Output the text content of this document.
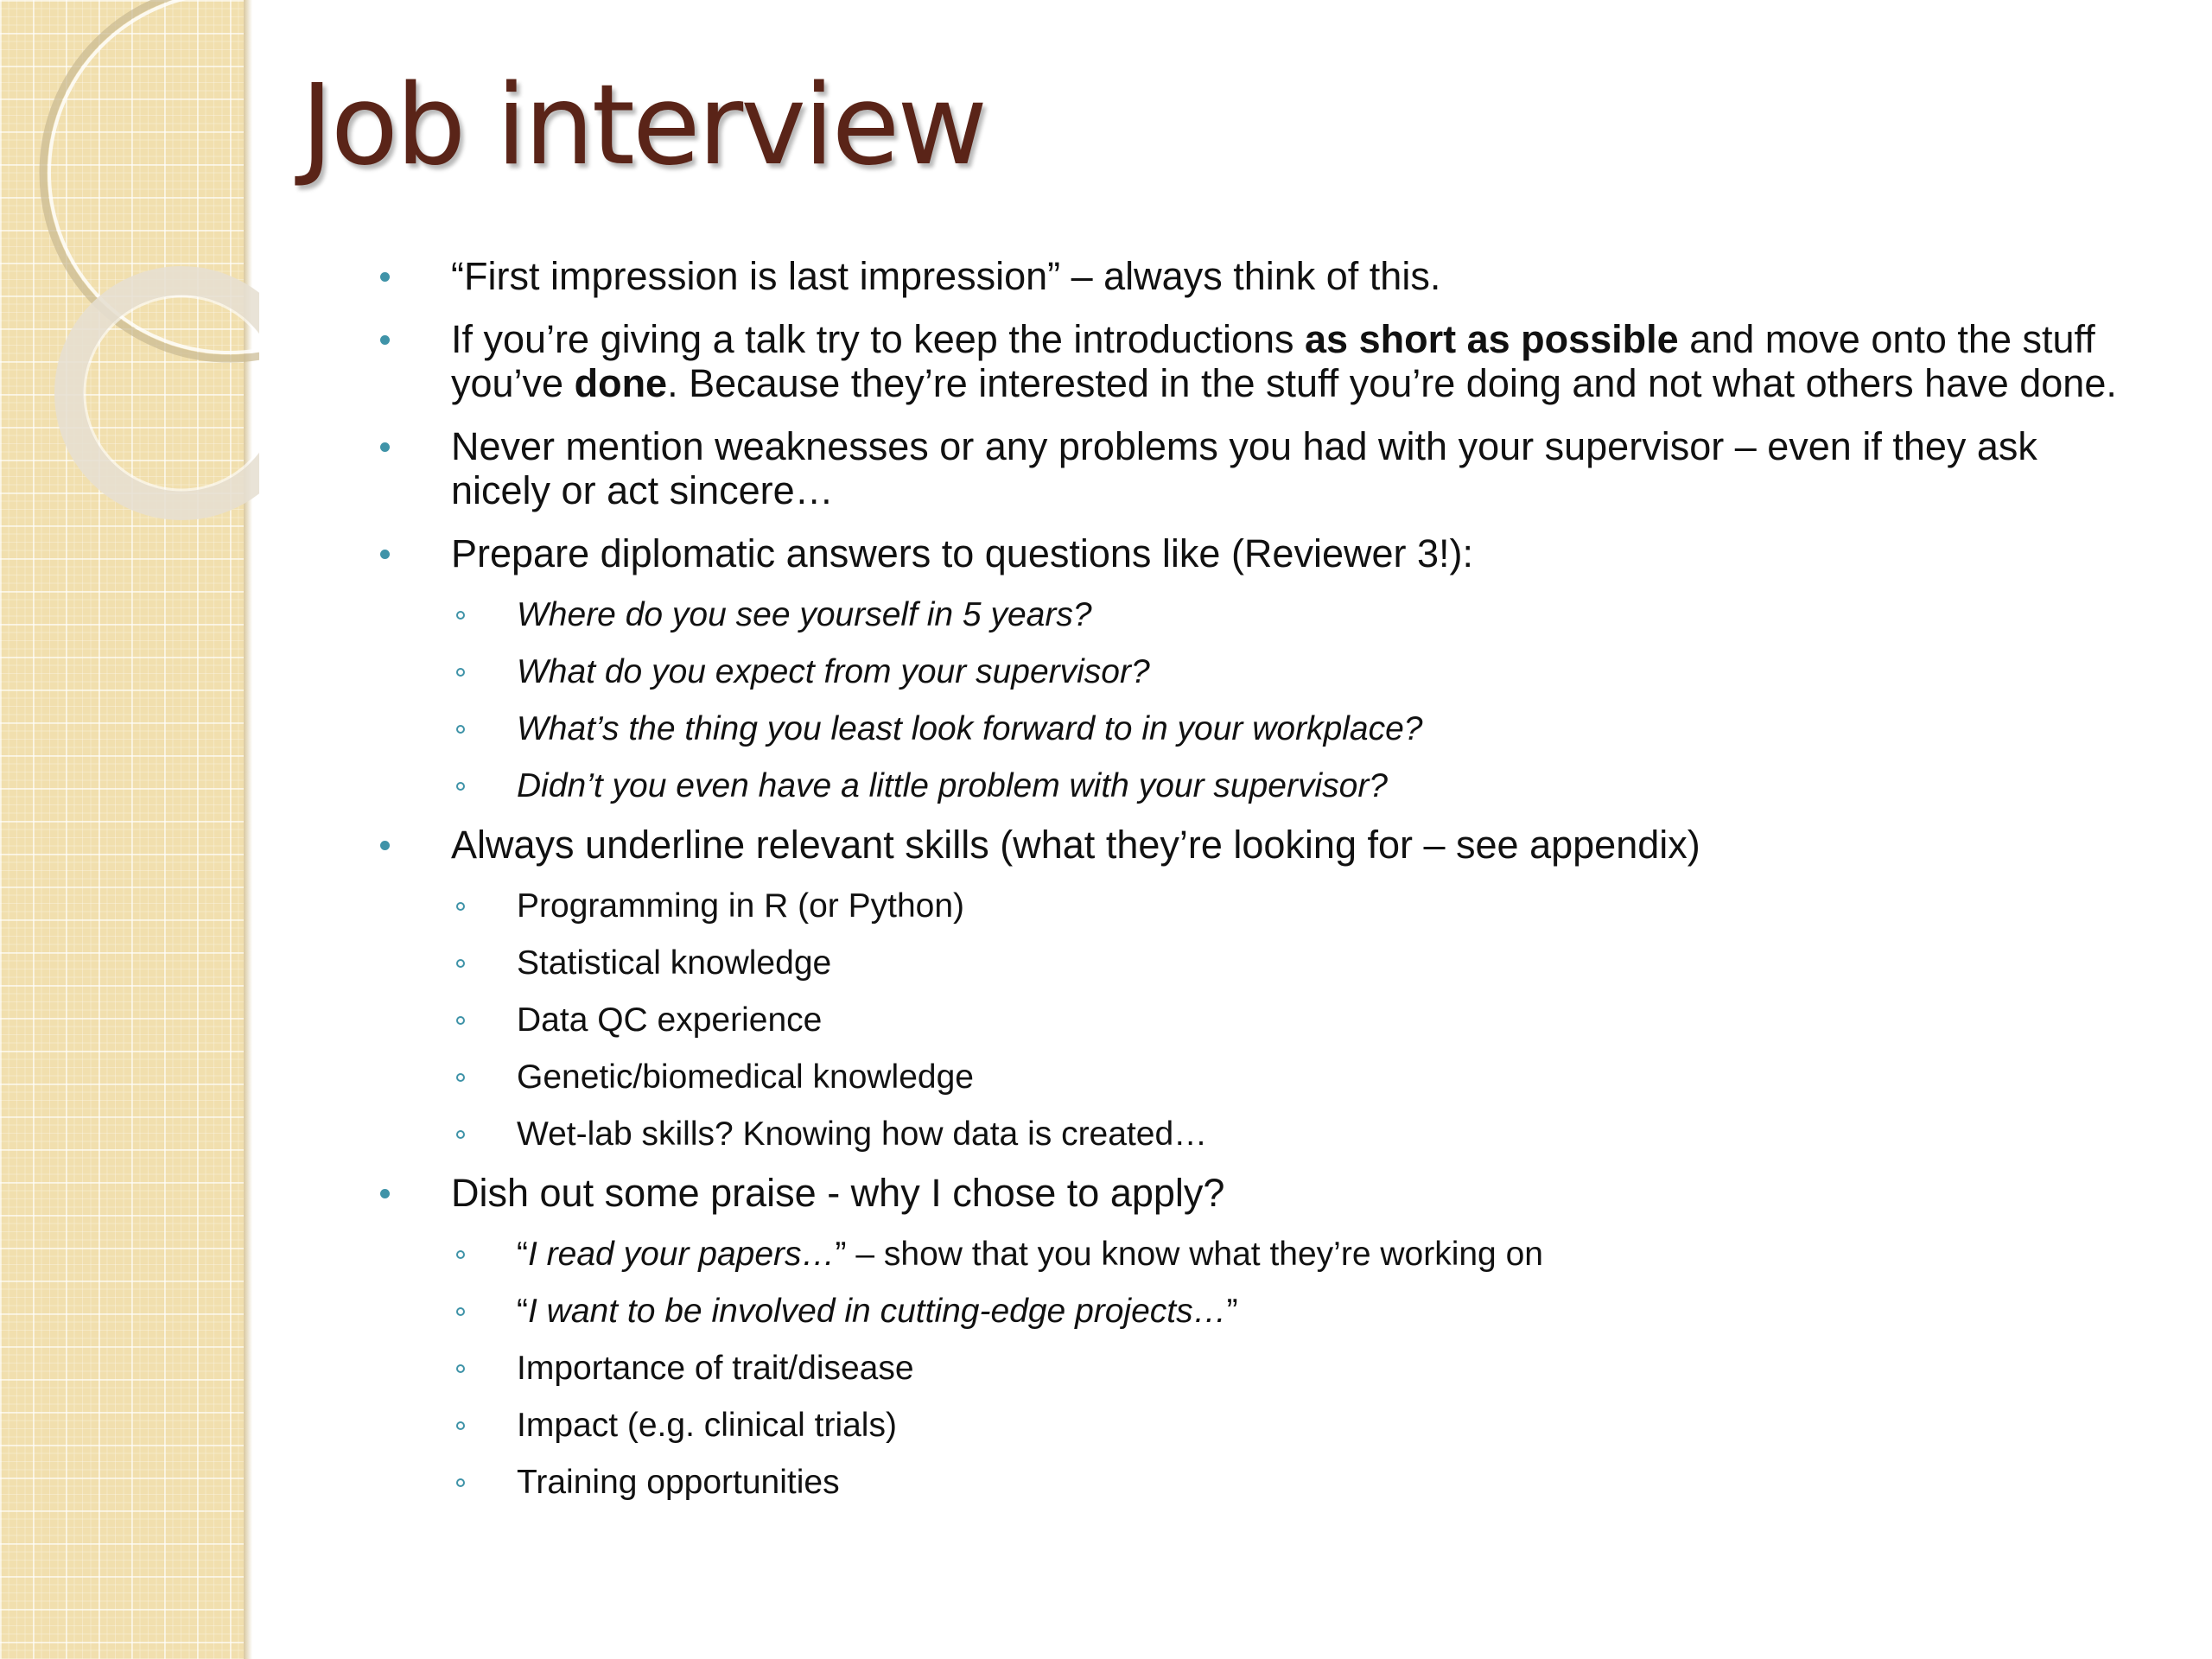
Job interview
“First impression is last impression” – always think of this.
If you’re giving a talk try to keep the introductions as short as possible and move onto the stuff you’ve done. Because they’re interested in the stuff you’re doing and not what others have done.
Never mention weaknesses or any problems you had with your supervisor – even if they ask nicely or act sincere…
Prepare diplomatic answers to questions like (Reviewer 3!):
Where do you see yourself in 5 years?
What do you expect from your supervisor?
What’s the thing you least look forward to in your workplace?
Didn’t you even have a little problem with your supervisor?
Always underline relevant skills (what they’re looking for – see appendix)
Programming in R (or Python)
Statistical knowledge
Data QC experience
Genetic/biomedical knowledge
Wet-lab skills? Knowing how data is created…
Dish out some praise - why I chose to apply?
“I read your papers…” – show that you know what they’re working on
“I want to be involved in cutting-edge projects…”
Importance of trait/disease
Impact (e.g. clinical trials)
Training opportunities
